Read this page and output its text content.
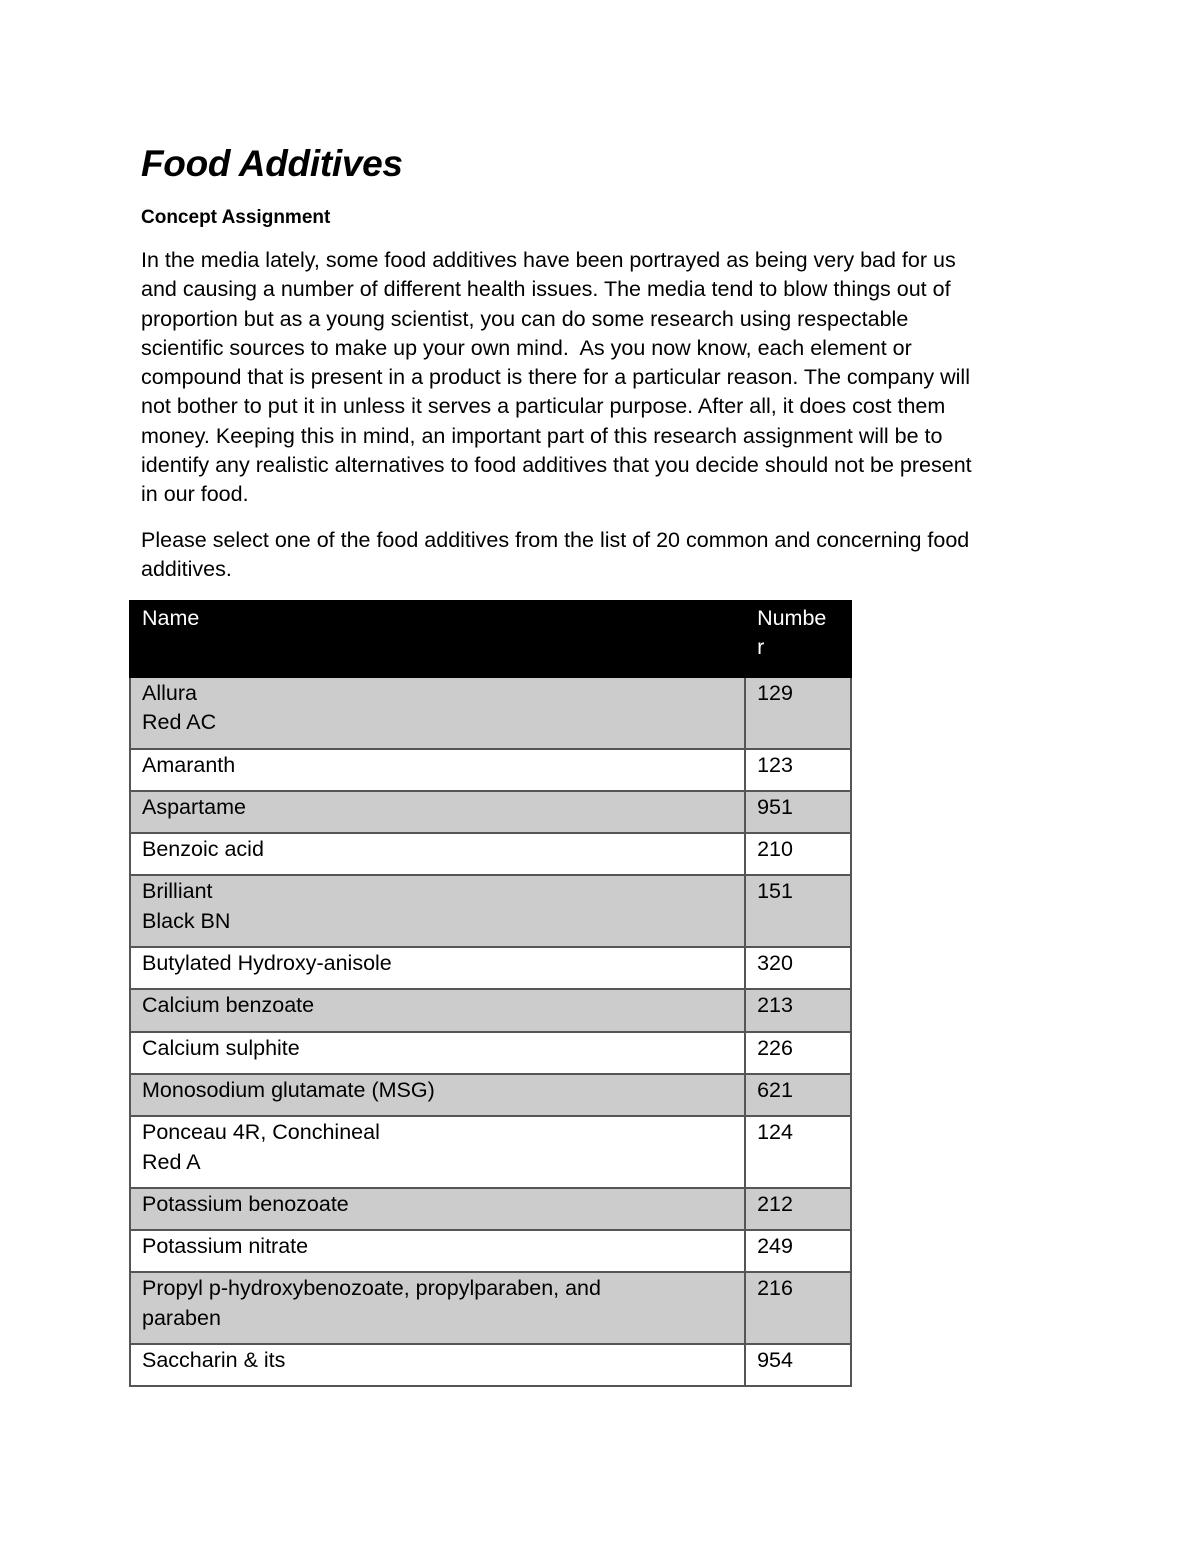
Food Additives
Concept Assignment
In the media lately, some food additives have been portrayed as being very bad for us
and causing a number of different health issues. The media tend to blow things out of
proportion but as a young scientist, you can do some research using respectable
scientific sources to make up your own mind.  As you now know, each element or
compound that is present in a product is there for a particular reason. The company will
not bother to put it in unless it serves a particular purpose. After all, it does cost them
money. Keeping this in mind, an important part of this research assignment will be to
identify any realistic alternatives to food additives that you decide should not be present
in our food.
Please select one of the food additives from the list of 20 common and concerning food
additives.
Name	Numbe
r

Allura
Red AC	129
Amaranth	123
Aspartame	951
Benzoic acid	210

Brilliant
Black BN	151
Butylated Hydroxy-anisole	320
Calcium benzoate	213
Calcium sulphite	226
Monosodium glutamate (MSG)	621

Ponceau 4R, Conchineal
Red A	124
Potassium benozoate	212
Potassium nitrate	249

Propyl p-hydroxybenozoate, propylparaben, and
paraben	216
Saccharin & its	954
